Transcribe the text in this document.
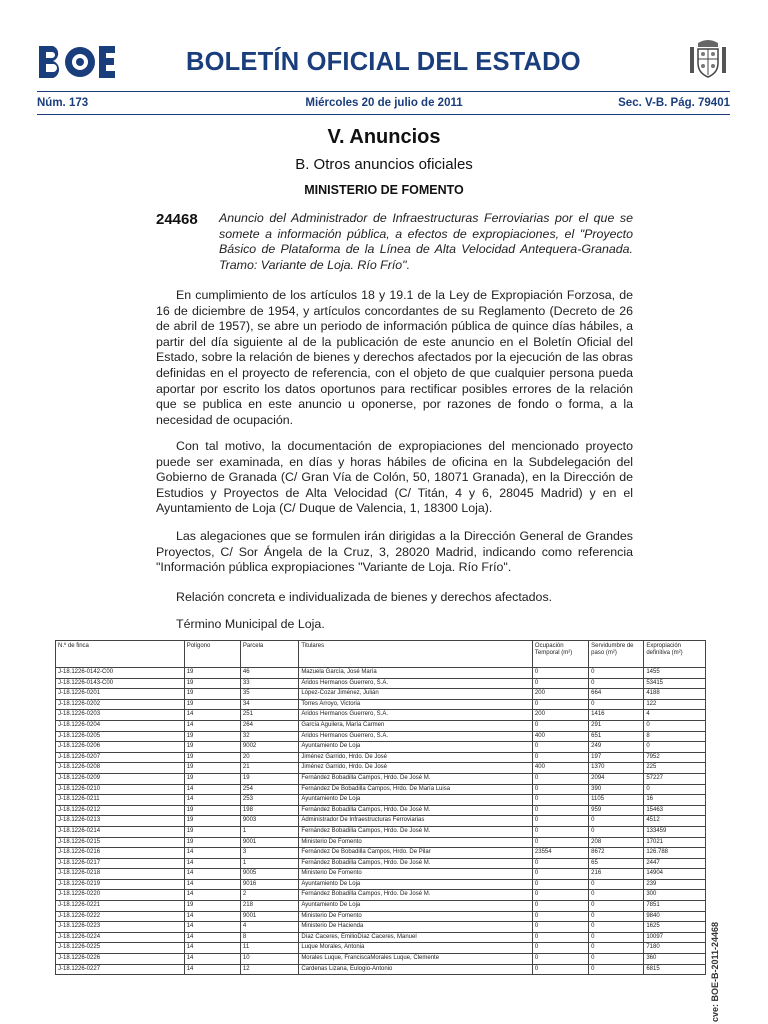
BOLETÍN OFICIAL DEL ESTADO
Núm. 173	Miércoles 20 de julio de 2011	Sec. V-B. Pág. 79401
V. Anuncios
B. Otros anuncios oficiales
MINISTERIO DE FOMENTO
24468 Anuncio del Administrador de Infraestructuras Ferroviarias por el que se somete a información pública, a efectos de expropiaciones, el "Proyecto Básico de Plataforma de la Línea de Alta Velocidad Antequera-Granada. Tramo: Variante de Loja. Río Frío".
En cumplimiento de los artículos 18 y 19.1 de la Ley de Expropiación Forzosa, de 16 de diciembre de 1954, y artículos concordantes de su Reglamento (Decreto de 26 de abril de 1957), se abre un periodo de información pública de quince días hábiles, a partir del día siguiente al de la publicación de este anuncio en el Boletín Oficial del Estado, sobre la relación de bienes y derechos afectados por la ejecución de las obras definidas en el proyecto de referencia, con el objeto de que cualquier persona pueda aportar por escrito los datos oportunos para rectificar posibles errores de la relación que se publica en este anuncio u oponerse, por razones de fondo o forma, a la necesidad de ocupación.
Con tal motivo, la documentación de expropiaciones del mencionado proyecto puede ser examinada, en días y horas hábiles de oficina en la Subdelegación del Gobierno de Granada (C/ Gran Vía de Colón, 50, 18071 Granada), en la Dirección de Estudios y Proyectos de Alta Velocidad (C/ Titán, 4 y 6, 28045 Madrid) y en el Ayuntamiento de Loja (C/ Duque de Valencia, 1, 18300 Loja).
Las alegaciones que se formulen irán dirigidas a la Dirección General de Grandes Proyectos, C/ Sor Ángela de la Cruz, 3, 28020 Madrid, indicando como referencia "Información pública expropiaciones "Variante de Loja. Río Frío".
Relación concreta e individualizada de bienes y derechos afectados.
Término Municipal de Loja.
N.º de finca	Polígono	Parcela	Titulares	Ocupación Temporal (m²)	Servidumbre de paso (m²)	Expropiación definitiva (m²)
J-18.1226-0142-C00	19	46	Mazuela García, José María	0	0	1455
J-18.1226-0143-C00	19	33	Áridos Hermanos Guerrero, S.A.	0	0	53415
J-18.1226-0201	19	35	López-Cozar Jiménez, Julián	200	664	4188
J-18.1226-0202	19	34	Torres Arroyo, Victoria	0	0	122
J-18.1226-0203	14	251	Aridos Hermanos Guerrero, S.A.	200	1416	4
J-18.1226-0204	14	264	García Aguilera, María Carmen	0	291	0
J-18.1226-0205	19	32	Aridos Hermanos Guerrero, S.A.	400	651	8
J-18.1226-0206	19	9002	Ayuntamiento De Loja	0	249	0
J-18.1226-0207	19	20	Jiménez Garrido, Hrdo. De José	0	197	7952
J-18.1226-0208	19	21	Jiménez Garrido, Hrdo. De José	400	1370	225
J-18.1226-0209	19	19	Fernández Bobadilla Campos, Hrdo. De José M.	0	2094	57227
J-18.1226-0210	14	254	Fernández De Bobadilla Campos, Hrdo. De María Luisa	0	390	0
J-18.1226-0211	14	253	Ayuntamiento De Loja	0	1105	16
J-18.1226-0212	19	198	Fernández Bobadilla Campos, Hrdo. De José M.	0	959	15463
J-18.1226-0213	19	9003	Administrador De Infraestructuras Ferroviarias	0	0	4512
J-18.1226-0214	19	1	Fernández Bobadilla Campos, Hrdo. De José M.	0	0	133459
J-18.1226-0215	19	9001	Ministerio De Fomento	0	208	17021
J-18.1226-0216	14	3	Fernández De Bobadilla Campos, Hrdo. De Pilar	23554	8672	126.788
J-18.1226-0217	14	1	Fernández Bobadilla Campos, Hrdo. De José M.	0	65	2447
J-18.1226-0218	14	9005	Ministerio De Fomento	0	216	14904
J-18.1226-0219	14	9016	Ayuntamiento De Loja	0	0	239
J-18.1226-0220	14	2	Fernández Bobadilla Campos, Hrdo. De José M.	0	0	300
J-18.1226-0221	19	218	Ayuntamiento De Loja	0	0	7851
J-18.1226-0222	14	9001	Ministerio De Fomento	0	0	9840
J-18.1226-0223	14	4	Ministerio De Hacienda	0	0	1625
J-18.1226-0224	14	8	Díaz Caceres, EmilioDíaz Caceres, Manuel	0	0	10097
J-18.1226-0225	14	11	Luque Morales, Antonia	0	0	7180
J-18.1226-0226	14	10	Morales Luque, FranciscaMorales Luque, Clemente	0	0	360
J-18.1226-0227	14	12	Cardenas Lizana, Eulogio-Antonio	0	0	6815	cve: BOE-B-2011-24468
